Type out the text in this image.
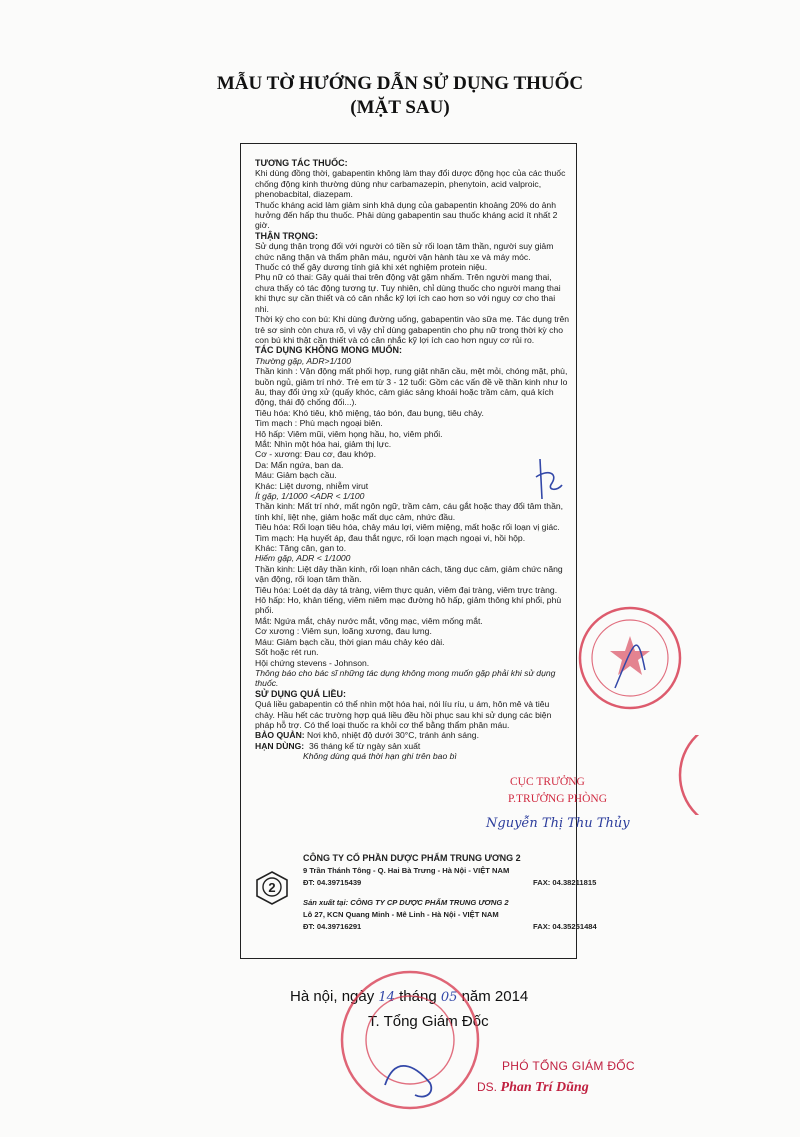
MẪU TỜ HƯỚNG DẪN SỬ DỤNG THUỐC
(MẶT SAU)

TƯƠNG TÁC THUỐC:

Khi dùng đồng thời, gabapentin không làm thay đổi dược động học của các thuốc chống động kinh thường dùng như carbamazepin, phenytoin, acid valproic, phenobacbital, diazepam.

Thuốc kháng acid làm giảm sinh khả dụng của gabapentin khoảng 20% do ảnh hưởng đến hấp thu thuốc. Phải dùng gabapentin sau thuốc kháng acid ít nhất 2 giờ.

THẬN TRỌNG:

Sử dụng thận trọng đối với người có tiền sử rối loạn tâm thần, người suy giảm chức năng thận và thẩm phân máu, người vận hành tàu xe và máy móc.

Thuốc có thể gây dương tính giả khi xét nghiệm protein niệu.

Phụ nữ có thai: Gây quái thai trên động vật gặm nhấm. Trên người mang thai, chưa thấy có tác động tương tự. Tuy nhiên, chỉ dùng thuốc cho người mang thai khi thực sự cần thiết và có cân nhắc kỹ lợi ích cao hơn so với nguy cơ cho thai nhi.

Thời kỳ cho con bú: Khi dùng đường uống, gabapentin vào sữa mẹ. Tác dụng trên trẻ sơ sinh còn chưa rõ, vì vậy chỉ dùng gabapentin cho phụ nữ trong thời kỳ cho con bú khi thật cần thiết và có cân nhắc kỹ lợi ích cao hơn nguy cơ rủi ro.

TÁC DỤNG KHÔNG MONG MUỐN:

Thường gặp, ADR>1/100

Thần kinh : Vận động mất phối hợp, rung giật nhãn cầu, mệt mỏi, chóng mặt, phù, buồn ngủ, giảm trí nhớ. Trẻ em từ 3 - 12 tuổi: Gồm các vấn đề về thần kinh như lo âu, thay đổi ứng xử (quấy khóc, cảm giác sảng khoái hoặc trầm cảm, quá kích động, thái độ chống đối...).

Tiêu hóa: Khó tiêu, khô miệng, táo bón, đau bụng, tiêu chảy.

Tim mạch : Phù mạch ngoại biên.

Hô hấp: Viêm mũi, viêm họng hầu, ho, viêm phổi.

Mắt: Nhìn một hóa hai, giảm thị lực.

Cơ - xương: Đau cơ, đau khớp.

Da: Mẩn ngứa, ban da.

Máu: Giảm bạch cầu.

Khác: Liệt dương, nhiễm virut

Ít gặp, 1/1000 <ADR < 1/100

Thần kinh: Mất trí nhớ, mất ngôn ngữ, trầm cảm, cáu gắt hoặc thay đổi tâm thần, tính khí, liệt nhẹ, giảm hoặc mất dục cảm, nhức đầu.

Tiêu hóa: Rối loạn tiêu hóa, chảy máu lợi, viêm miệng, mất hoặc rối loạn vị giác.

Tim mạch: Hạ huyết áp, đau thắt ngực, rối loạn mạch ngoại vi, hồi hộp.

Khác: Tăng cân, gan to.

Hiếm gặp, ADR < 1/1000

Thần kinh: Liệt dây thần kinh, rối loạn nhân cách, tăng dục cảm, giảm chức năng vận động, rối loạn tâm thần.

Tiêu hóa: Loét dạ dày tá tràng, viêm thực quản, viêm đại tràng, viêm trực tràng.

Hô hấp: Ho, khản tiếng, viêm niêm mạc đường hô hấp, giảm thông khí phổi, phù phổi.

Mắt: Ngứa mắt, chảy nước mắt, võng mạc, viêm mống mắt.

Cơ xương : Viêm sụn, loãng xương, đau lưng.

Máu: Giảm bạch cầu, thời gian máu chảy kéo dài.

Sốt hoặc rét run.

Hội chứng stevens - Johnson.

Thông báo cho bác sĩ những tác dụng không mong muốn gặp phải khi sử dụng thuốc.

SỬ DỤNG QUÁ LIỀU:

Quá liều gabapentin có thể nhìn một hóa hai, nói líu ríu, u ám, hôn mê và tiêu chảy. Hầu hết các trường hợp quá liều đều hồi phục sau khi sử dụng các biện pháp hỗ trợ. Có thể loại thuốc ra khỏi cơ thể bằng thẩm phân máu.

BẢO QUẢN: Nơi khô, nhiệt độ dưới 30°C, tránh ánh sáng.

HẠN DÙNG: 36 tháng kể từ ngày sản xuất

Không dùng quá thời hạn ghi trên bao bì

2
CÔNG TY CỔ PHẦN DƯỢC PHẨM TRUNG ƯƠNG 2
9 Trần Thánh Tông - Q. Hai Bà Trưng - Hà Nội - VIỆT NAM
ĐT: 04.39715439	FAX: 04.38211815
Sản xuất tại: CÔNG TY CP DƯỢC PHẨM TRUNG ƯƠNG 2
Lô 27, KCN Quang Minh - Mê Linh - Hà Nội - VIỆT NAM
ĐT: 04.39716291	FAX: 04.35251484
CỤC TRƯỞNG
P.TRƯỞNG PHÒNG
Nguyễn Thị Thu Thủy
Hà nội, ngày 14 tháng 05 năm 2014
T. Tổng Giám Đốc
PHÓ TỔNG GIÁM ĐỐC
DS. Phan Trí Dũng
